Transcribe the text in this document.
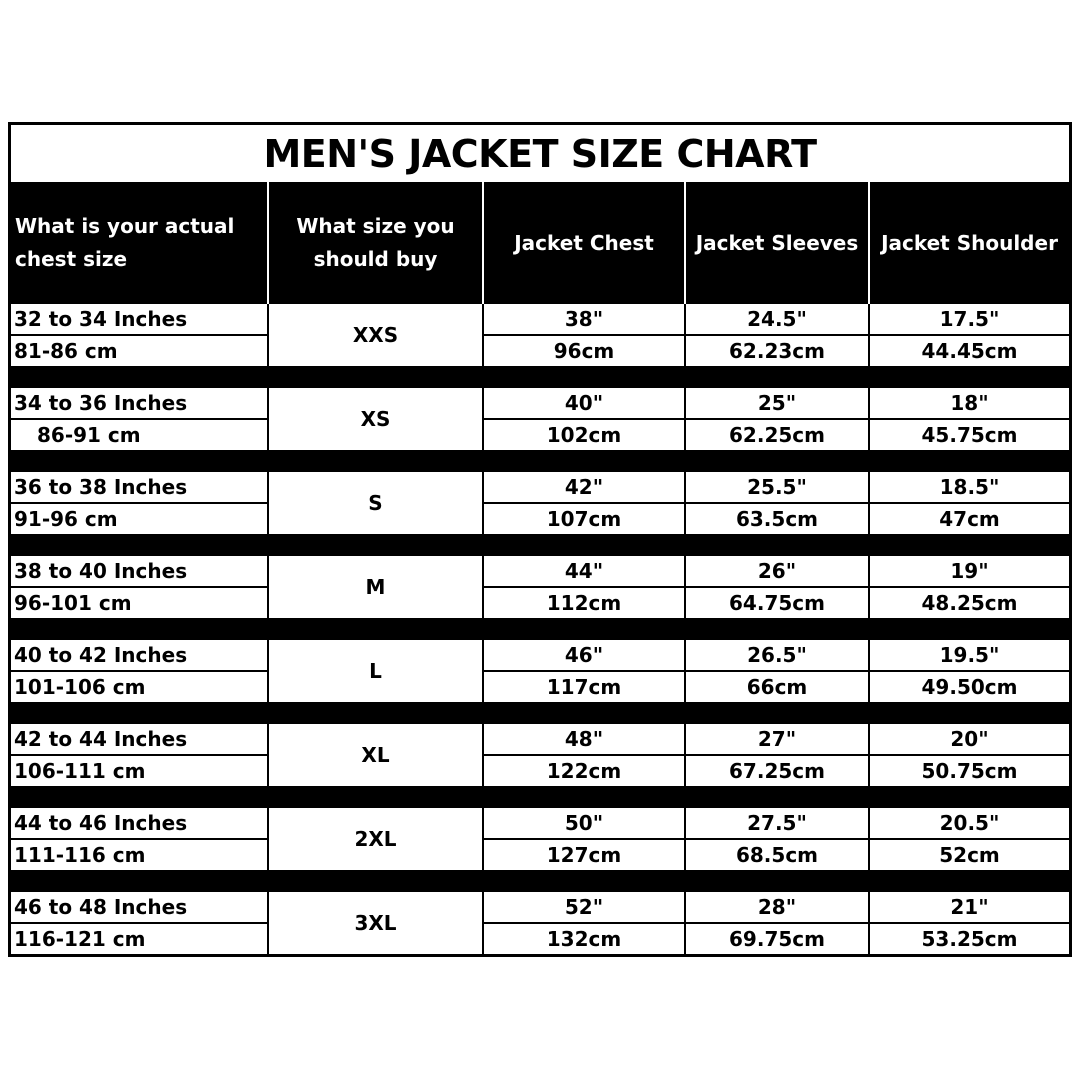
MEN'S JACKET SIZE CHART
What is your actual chest size
What size you should buy
Jacket Chest	Jacket Sleeves	Jacket Shoulder
32 to 34 Inches
81-86 cm
XXS
38"
96cm
24.5"
62.23cm
17.5"
44.45cm
34 to 36 Inches
86-91 cm
XS
40"
102cm
25"
62.25cm
18"
45.75cm
36 to 38 Inches
91-96 cm
S
42"
107cm
25.5"
63.5cm
18.5"
47cm
38 to 40 Inches
96-101 cm
M
44"
112cm
26"
64.75cm
19"
48.25cm
40 to 42 Inches
101-106 cm
L
46"
117cm
26.5"
66cm
19.5"
49.50cm
42 to 44 Inches
106-111 cm
XL
48"
122cm
27"
67.25cm
20"
50.75cm
44 to 46 Inches
111-116 cm
2XL
50"
127cm
27.5"
68.5cm
20.5"
52cm
46 to 48 Inches
116-121 cm
3XL
52"
132cm
28"
69.75cm
21"
53.25cm
